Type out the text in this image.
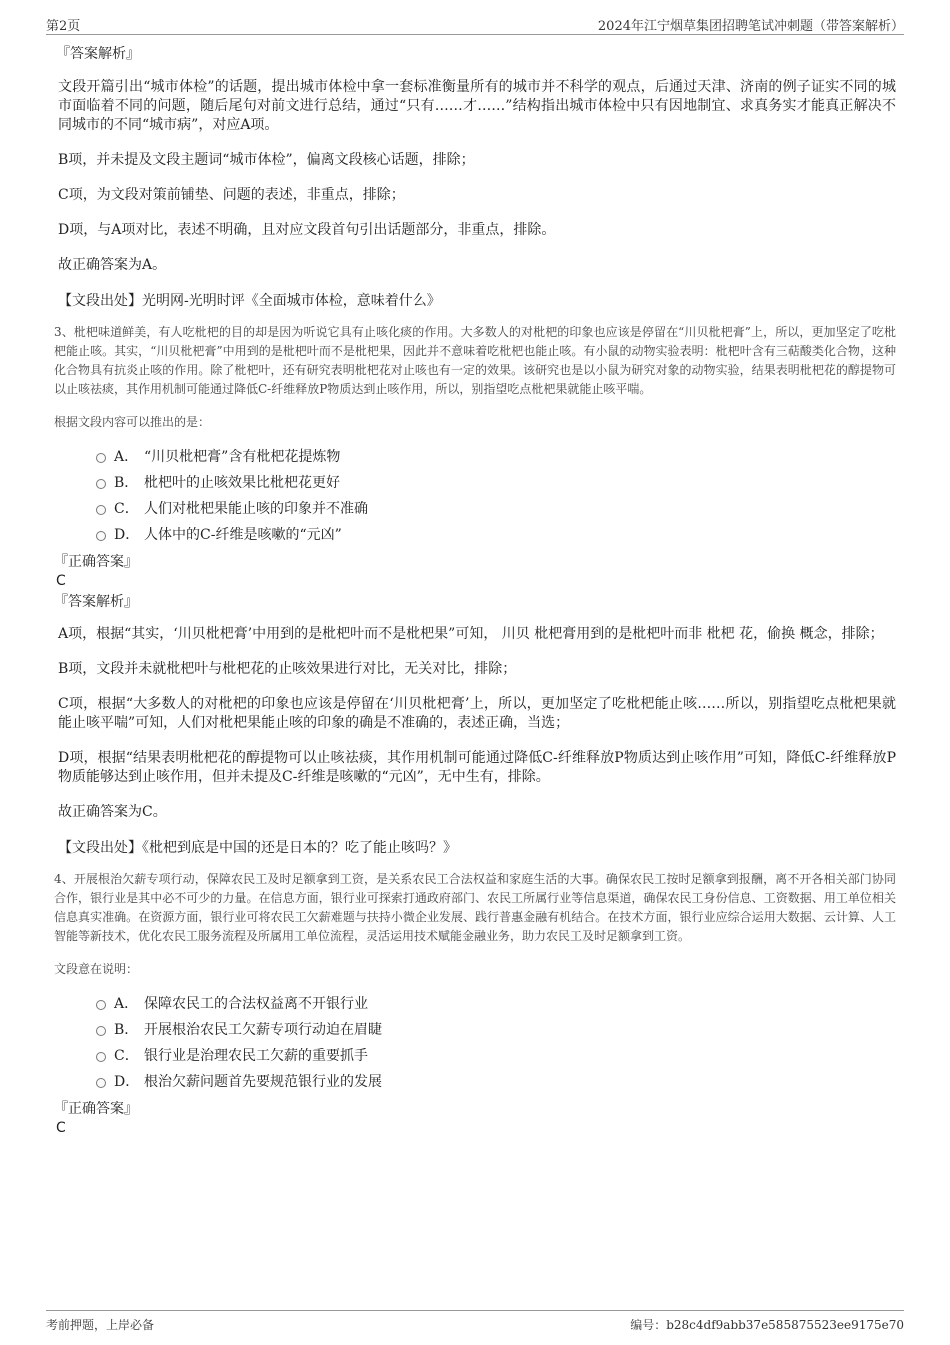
第2页	2024年江宁烟草集团招聘笔试冲刺题（带答案解析）
『答案解析』

文段开篇引出“城市体检”的话题，提出城市体检中拿一套标准衡量所有的城市并不科学的观点，后通过天津、济南的例子证实不同的城市面临着不同的问题，随后尾句对前文进行总结，通过“只有……才……”结构指出城市体检中只有因地制宜、求真务实才能真正解决不同城市的不同“城市病”，对应A项。

B项，并未提及文段主题词“城市体检”，偏离文段核心话题，排除；

C项，为文段对策前铺垫、问题的表述，非重点，排除；

D项，与A项对比，表述不明确，且对应文段首句引出话题部分，非重点，排除。

故正确答案为A。

【文段出处】光明网-光明时评《全面城市体检，意味着什么》
3、枇杷味道鲜美，有人吃枇杷的目的却是因为听说它具有止咳化痰的作用。大多数人的对枇杷的印象也应该是停留在“川贝枇杷膏”上，所以，更加坚定了吃枇杷能止咳。其实，“川贝枇杷膏”中用到的是枇杷叶而不是枇杷果，因此并不意味着吃枇杷也能止咳。有小鼠的动物实验表明：枇杷叶含有三萜酸类化合物，这种化合物具有抗炎止咳的作用。除了枇杷叶，还有研究表明枇杷花对止咳也有一定的效果。该研究也是以小鼠为研究对象的动物实验，结果表明枇杷花的醇提物可以止咳祛痰，其作用机制可能通过降低C-纤维释放P物质达到止咳作用，所以，别指望吃点枇杷果就能止咳平喘。
根据文段内容可以推出的是：
A． “川贝枇杷膏”含有枇杷花提炼物
B． 枇杷叶的止咳效果比枇杷花更好
C． 人们对枇杷果能止咳的印象并不准确
D． 人体中的C-纤维是咳嗽的“元凶”
『正确答案』
C
『答案解析』

A项，根据“其实，‘川贝枇杷膏’中用到的是枇杷叶而不是枇杷果”可知， 川贝 枇杷膏用到的是枇杷叶而非 枇杷 花，偷换 概念，排除；

B项，文段并未就枇杷叶与枇杷花的止咳效果进行对比，无关对比，排除；

C项，根据“大多数人的对枇杷的印象也应该是停留在‘川贝枇杷膏’上，所以，更加坚定了吃枇杷能止咳……所以，别指望吃点枇杷果就能止咳平喘”可知，人们对枇杷果能止咳的印象的确是不准确的，表述正确，当选；

D项，根据“结果表明枇杷花的醇提物可以止咳祛痰，其作用机制可能通过降低C-纤维释放P物质达到止咳作用”可知，降低C-纤维释放P物质能够达到止咳作用，但并未提及C-纤维是咳嗽的“元凶”，无中生有，排除。

故正确答案为C。

【文段出处】《枇杷到底是中国的还是日本的？吃了能止咳吗？》
4、开展根治欠薪专项行动，保障农民工及时足额拿到工资，是关系农民工合法权益和家庭生活的大事。确保农民工按时足额拿到报酬，离不开各相关部门协同合作，银行业是其中必不可少的力量。在信息方面，银行业可探索打通政府部门、农民工所属行业等信息渠道，确保农民工身份信息、工资数据、用工单位相关信息真实准确。在资源方面，银行业可将农民工欠薪难题与扶持小微企业发展、践行普惠金融有机结合。在技术方面，银行业应综合运用大数据、云计算、人工智能等新技术，优化农民工服务流程及所属用工单位流程，灵活运用技术赋能金融业务，助力农民工及时足额拿到工资。
文段意在说明：
A． 保障农民工的合法权益离不开银行业
B． 开展根治农民工欠薪专项行动迫在眉睫
C． 银行业是治理农民工欠薪的重要抓手
D． 根治欠薪问题首先要规范银行业的发展
『正确答案』
C
考前押题，上岸必备	编号：b28c4df9abb37e585875523ee9175e70
